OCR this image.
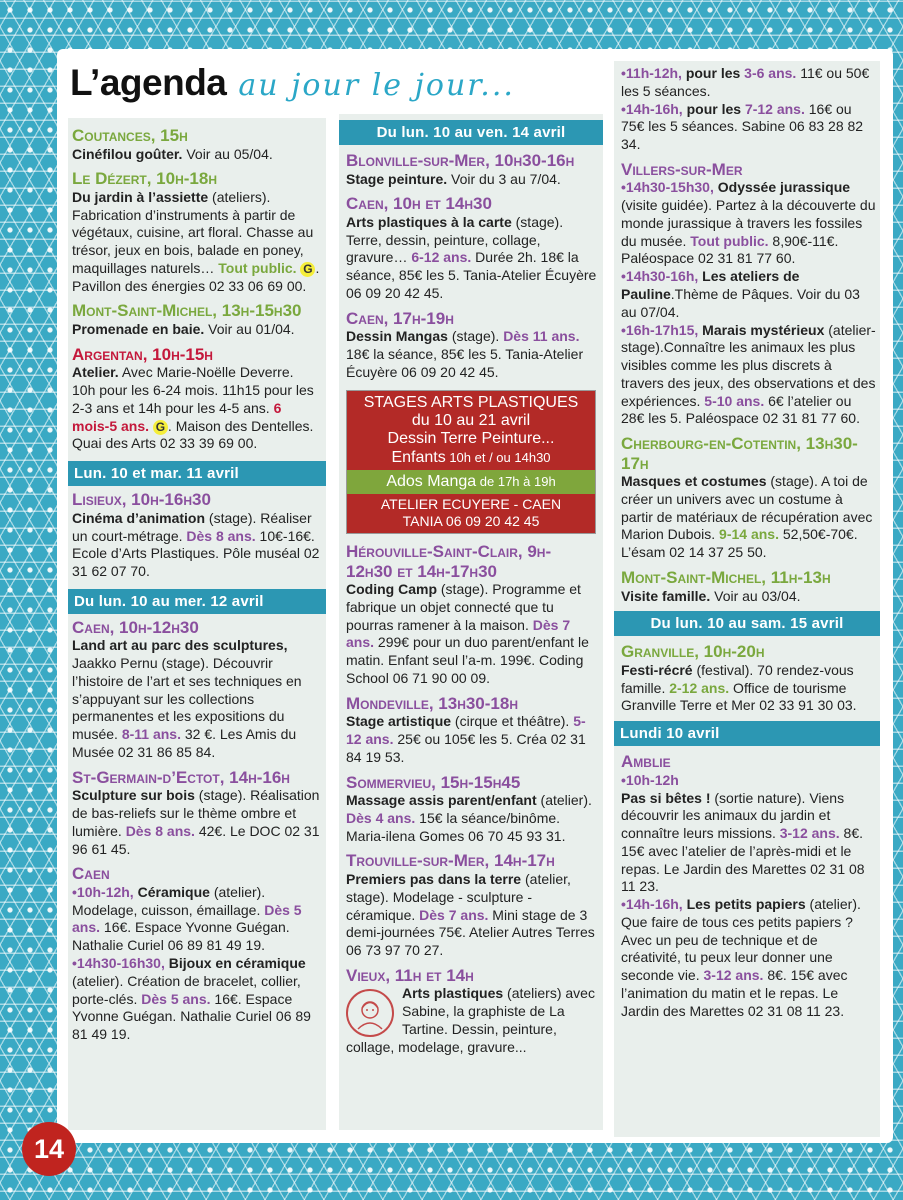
L’agenda au jour le jour...
Coutances, 15h
Cinéfilou goûter. Voir au 05/04.
Le Dézert, 10h-18h
Du jardin à l’assiette (ateliers). Fabrication d’instruments à partir de végétaux, cuisine, art floral. Chasse au trésor, jeux en bois, balade en poney, maquillages naturels… Tout public. G . Pavillon des énergies 02 33 06 69 00.
Mont-Saint-Michel, 13h-15h30
Promenade en baie. Voir au 01/04.
Argentan, 10h-15h
Atelier. Avec Marie-Noëlle Deverre. 10h pour les 6-24 mois. 11h15 pour les 2-3 ans et 14h pour les 4-5 ans. 6 mois-5 ans. G . Maison des Dentelles. Quai des Arts 02 33 39 69 00.
Lun. 10 et mar. 11 avril
Lisieux, 10h-16h30
Cinéma d’animation (stage). Réaliser un court-métrage. Dès 8 ans. 10€-16€. Ecole d’Arts Plastiques. Pôle muséal 02 31 62 07 70.
Du lun. 10 au mer. 12 avril
Caen, 10h-12h30
Land art au parc des sculptures, Jaakko Pernu (stage). Découvrir l’histoire de l’art et ses techniques en s’appuyant sur les collections permanentes et les expositions du musée. 8-11 ans. 32 €. Les Amis du Musée 02 31 86 85 84.
St-Germain-d’Ectot, 14h-16h
Sculpture sur bois (stage). Réalisation de bas-reliefs sur le thème ombre et lumière. Dès 8 ans. 42€. Le DOC 02 31 96 61 45.
Caen
•10h-12h, Céramique (atelier). Modelage, cuisson, émaillage. Dès 5 ans. 16€. Espace Yvonne Guégan. Nathalie Curiel 06 89 81 49 19.
•14h30-16h30, Bijoux en céramique (atelier). Création de bracelet, collier, porte-clés. Dès 5 ans. 16€. Espace Yvonne Guégan. Nathalie Curiel 06 89 81 49 19.
Du lun. 10 au ven. 14 avril
Blonville-sur-Mer, 10h30-16h
Stage peinture. Voir du 3 au 7/04.
Caen, 10h et 14h30
Arts plastiques à la carte (stage). Terre, dessin, peinture, collage, gravure… 6-12 ans. Durée 2h. 18€ la séance, 85€ les 5. Tania-Atelier Écuyère 06 09 20 42 45.
Caen, 17h-19h
Dessin Mangas (stage). Dès 11 ans. 18€ la séance, 85€ les 5. Tania-Atelier Écuyère 06 09 20 42 45.
STAGES ARTS PLASTIQUES
du 10 au 21 avril
Dessin Terre Peinture...
Enfants 10h et / ou 14h30
Ados Manga de 17h à 19h
ATELIER ECUYERE - CAEN
TANIA 06 09 20 42 45
Hérouville-Saint-Clair, 9h-12h30 et 14h-17h30
Coding Camp (stage). Programme et fabrique un objet connecté que tu pourras ramener à la maison. Dès 7 ans. 299€ pour un duo parent/enfant le matin. Enfant seul l’a-m. 199€. Coding School 06 71 90 00 09.
Mondeville, 13h30-18h
Stage artistique (cirque et théâtre). 5-12 ans. 25€ ou 105€ les 5. Créa 02 31 84 19 53.
Sommervieu, 15h-15h45
Massage assis parent/enfant (atelier). Dès 4 ans. 15€ la séance/binôme. Maria-ilena Gomes 06 70 45 93 31.
Trouville-sur-Mer, 14h-17h
Premiers pas dans la terre (atelier, stage). Modelage - sculpture - céramique. Dès 7 ans. Mini stage de 3 demi-journées 75€. Atelier Autres Terres 06 73 97 70 27.
Vieux, 11h et 14h
Arts plastiques (ateliers) avec Sabine, la graphiste de La Tartine. Dessin, peinture, collage, modelage, gravure...
•11h-12h, pour les 3-6 ans. 11€ ou 50€ les 5 séances.
•14h-16h, pour les 7-12 ans. 16€ ou 75€ les 5 séances. Sabine 06 83 28 82 34.
Villers-sur-Mer
•14h30-15h30, Odyssée jurassique (visite guidée). Partez à la découverte du monde jurassique à travers les fossiles du musée. Tout public. 8,90€-11€. Paléospace 02 31 81 77 60.
•14h30-16h, Les ateliers de Pauline.Thème de Pâques. Voir du 03 au 07/04.
•16h-17h15, Marais mystérieux (atelier-stage).Connaître les animaux les plus visibles comme les plus discrets à travers des jeux, des observations et des expériences. 5-10 ans. 6€ l’atelier ou 28€ les 5. Paléospace 02 31 81 77 60.
Cherbourg-en-Cotentin, 13h30-17h
Masques et costumes (stage). A toi de créer un univers avec un costume à partir de matériaux de récupération avec Marion Dubois. 9-14 ans. 52,50€-70€. L’ésam 02 14 37 25 50.
Mont-Saint-Michel, 11h-13h
Visite famille. Voir au 03/04.
Du lun. 10 au sam. 15 avril
Granville, 10h-20h
Festi-récré (festival). 70 rendez-vous famille. 2-12 ans. Office de tourisme Granville Terre et Mer 02 33 91 30 03.
Lundi 10 avril
Amblie
•10h-12h
Pas si bêtes ! (sortie nature). Viens découvrir les animaux du jardin et connaître leurs missions. 3-12 ans. 8€. 15€ avec l’atelier de l’après-midi et le repas. Le Jardin des Marettes 02 31 08 11 23.
•14h-16h, Les petits papiers (atelier). Que faire de tous ces petits papiers ? Avec un peu de technique et de créativité, tu peux leur donner une seconde vie. 3-12 ans. 8€. 15€ avec l’animation du matin et le repas. Le Jardin des Marettes 02 31 08 11 23.
14
